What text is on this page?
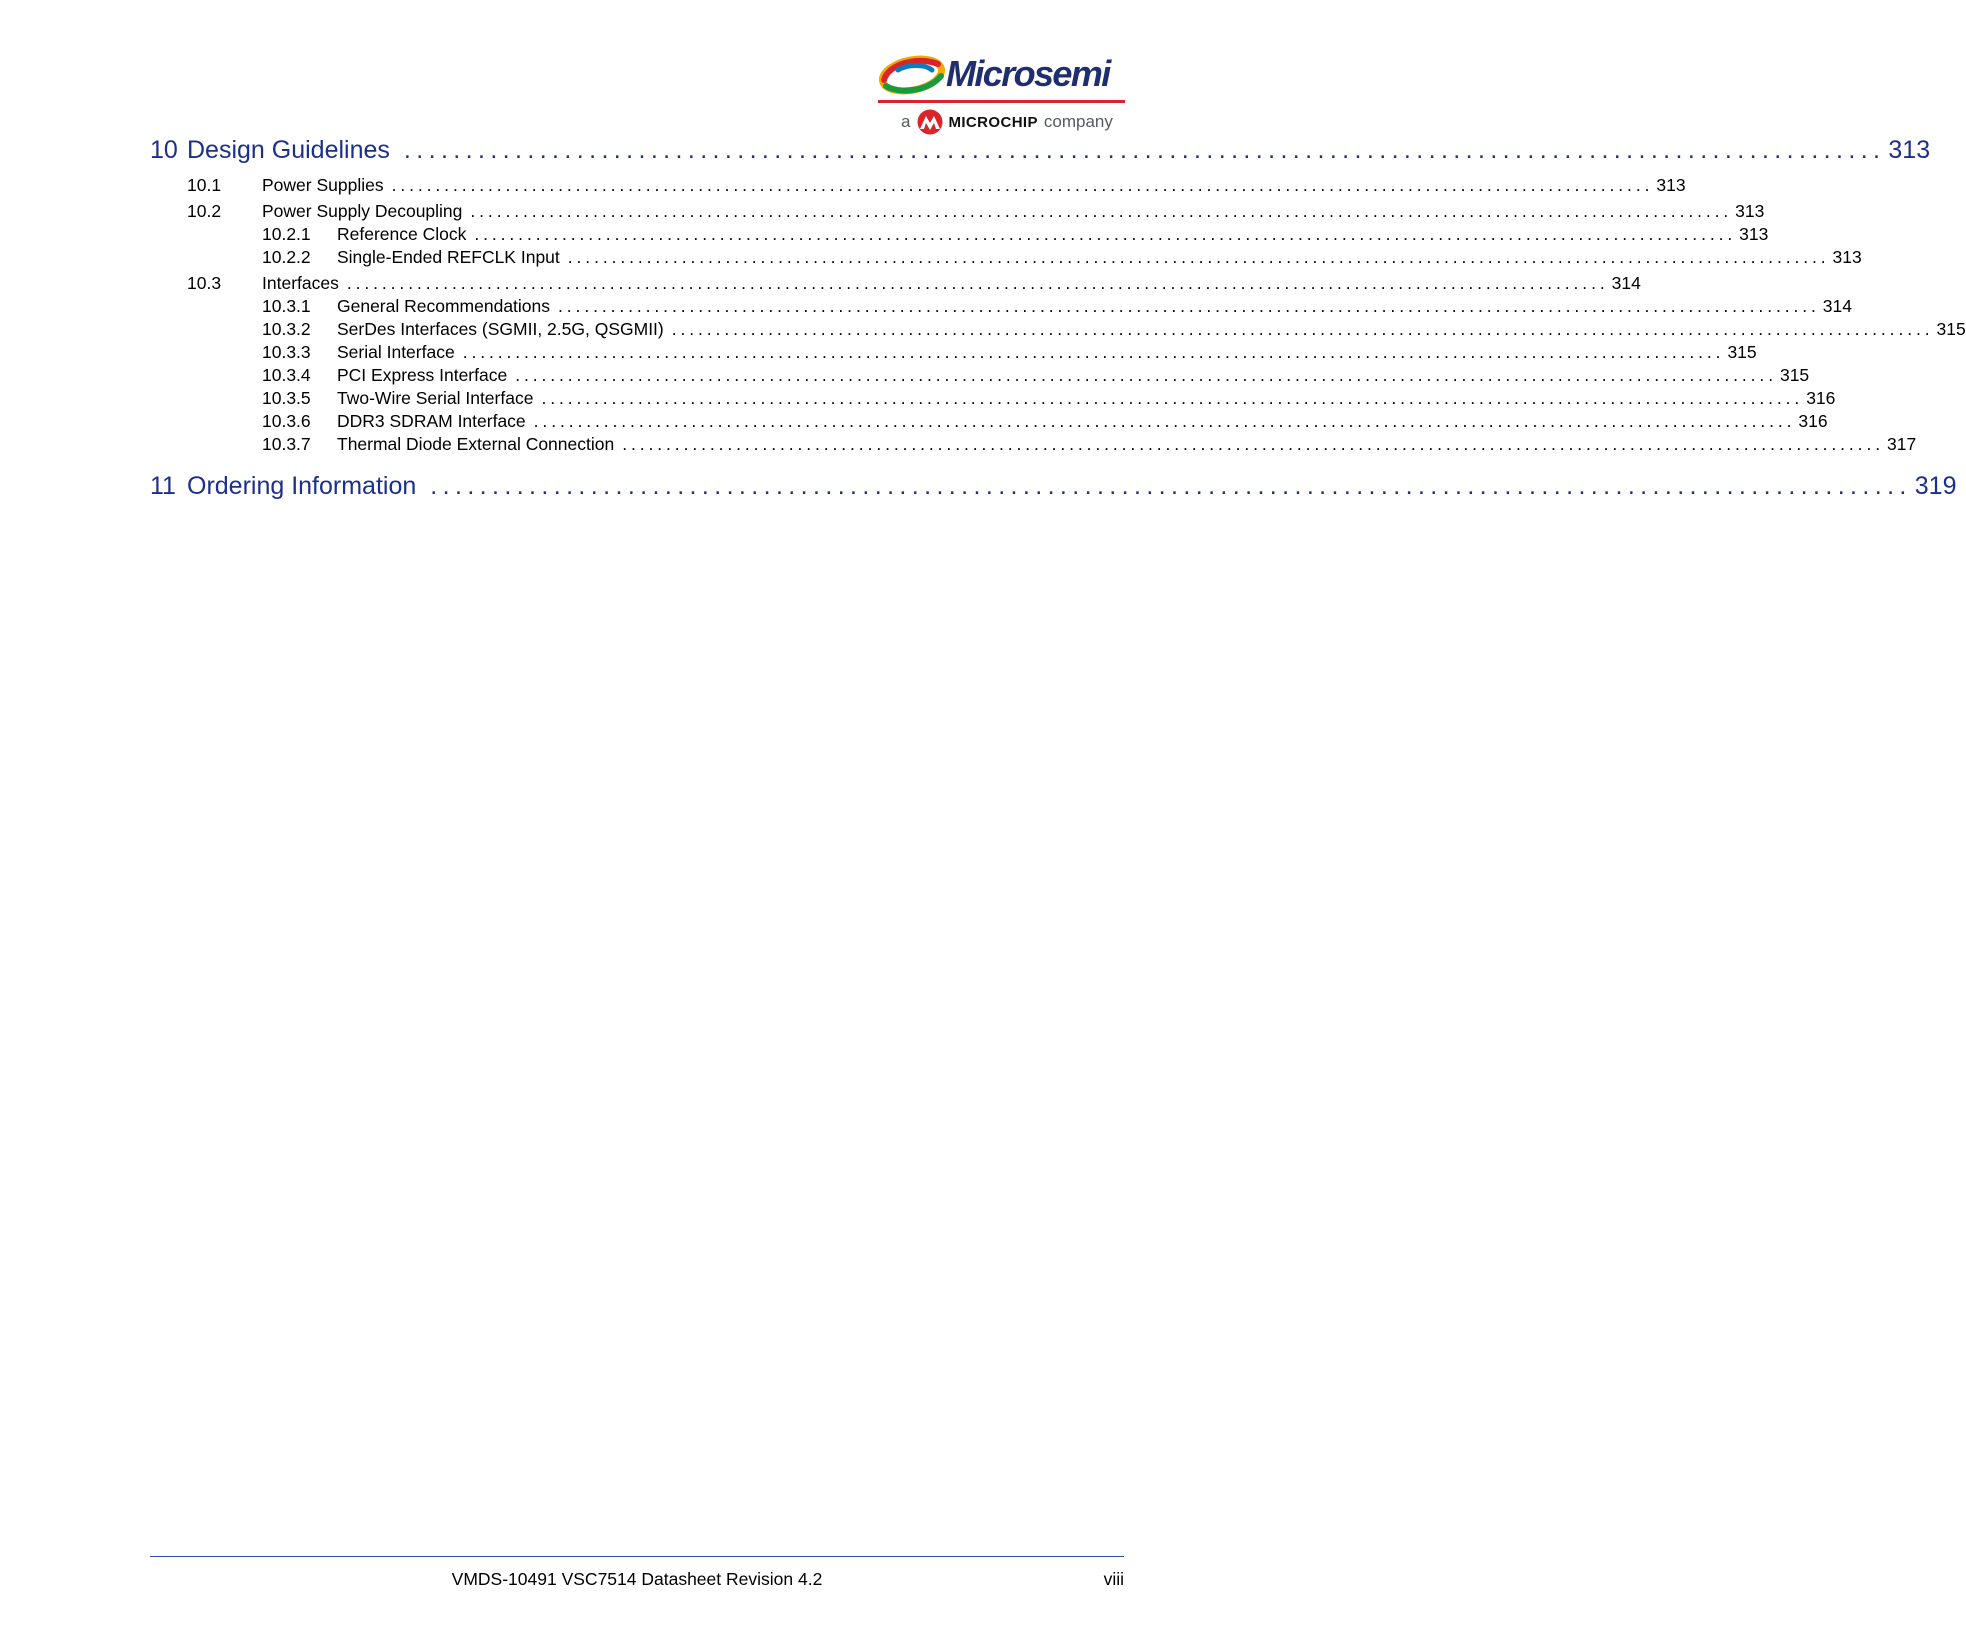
Microsemi
a	MICROCHIP company
10 Design Guidelines ........................................................................................................................ 313
10.1	Power Supplies ................................................................................................................................................ 313
10.2	Power Supply Decoupling ................................................................................................................................................ 313
10.2.1	Reference Clock ................................................................................................................................................ 313
10.2.2	Single-Ended REFCLK Input ................................................................................................................................................ 313
10.3	Interfaces ................................................................................................................................................ 314
10.3.1	General Recommendations ................................................................................................................................................ 314
10.3.2	SerDes Interfaces (SGMII, 2.5G, QSGMII) ................................................................................................................................................ 315
10.3.3	Serial Interface ................................................................................................................................................ 315
10.3.4	PCI Express Interface ................................................................................................................................................ 315
10.3.5	Two-Wire Serial Interface ................................................................................................................................................ 316
10.3.6	DDR3 SDRAM Interface ................................................................................................................................................ 316
10.3.7	Thermal Diode External Connection ................................................................................................................................................ 317
11 Ordering Information ........................................................................................................................ 319
VMDS-10491 VSC7514 Datasheet Revision 4.2	viii
